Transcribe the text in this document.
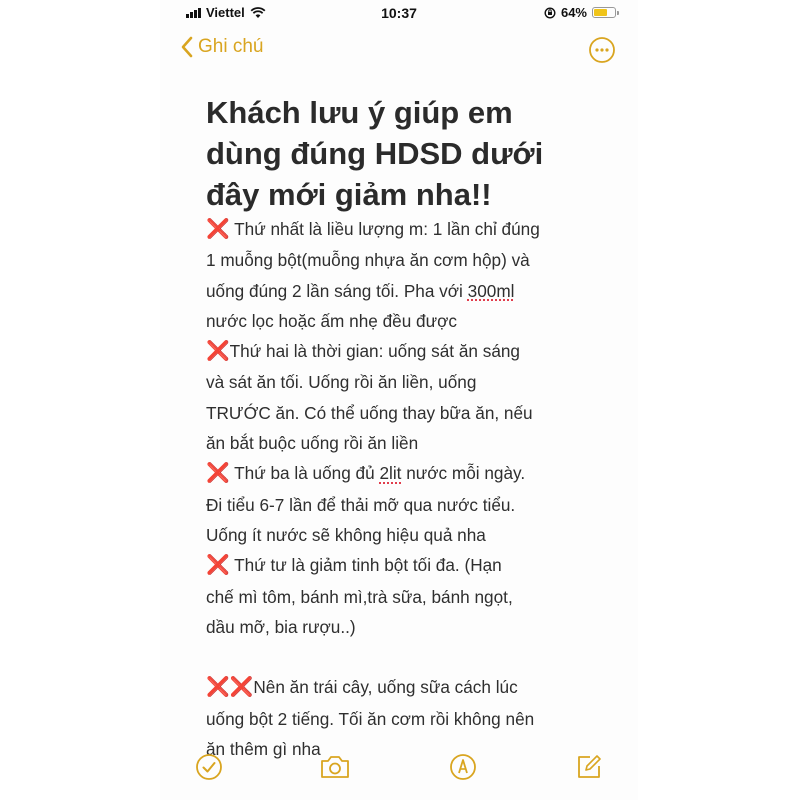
Viettel	10:37	64%
Ghi chú
Khách lưu ý giúp em
dùng đúng HDSD dưới
đây mới giảm nha!!

❌ Thứ nhất là liều lượng m: 1 lần chỉ đúng

1 muỗng bột(muỗng nhựa ăn cơm hộp) và

uống đúng 2 lần sáng tối. Pha với 300ml

nước lọc hoặc ấm nhẹ đều được

❌Thứ hai là thời gian: uống sát ăn sáng

và sát ăn tối. Uống rồi ăn liền, uống

TRƯỚC ăn. Có thể uống thay bữa ăn, nếu

ăn bắt buộc uống rồi ăn liền

❌ Thứ ba là uống đủ 2lit nước mỗi ngày.

Đi tiểu 6-7 lần để thải mỡ qua nước tiểu.

Uống ít nước sẽ không hiệu quả nha

❌ Thứ tư là giảm tinh bột tối đa. (Hạn

chế mì tôm, bánh mì,trà sữa, bánh ngọt,

dầu mỡ, bia rượu..)

❌❌Nên ăn trái cây, uống sữa cách lúc

uống bột 2 tiếng. Tối ăn cơm rồi không nên

ăn thêm gì nha
